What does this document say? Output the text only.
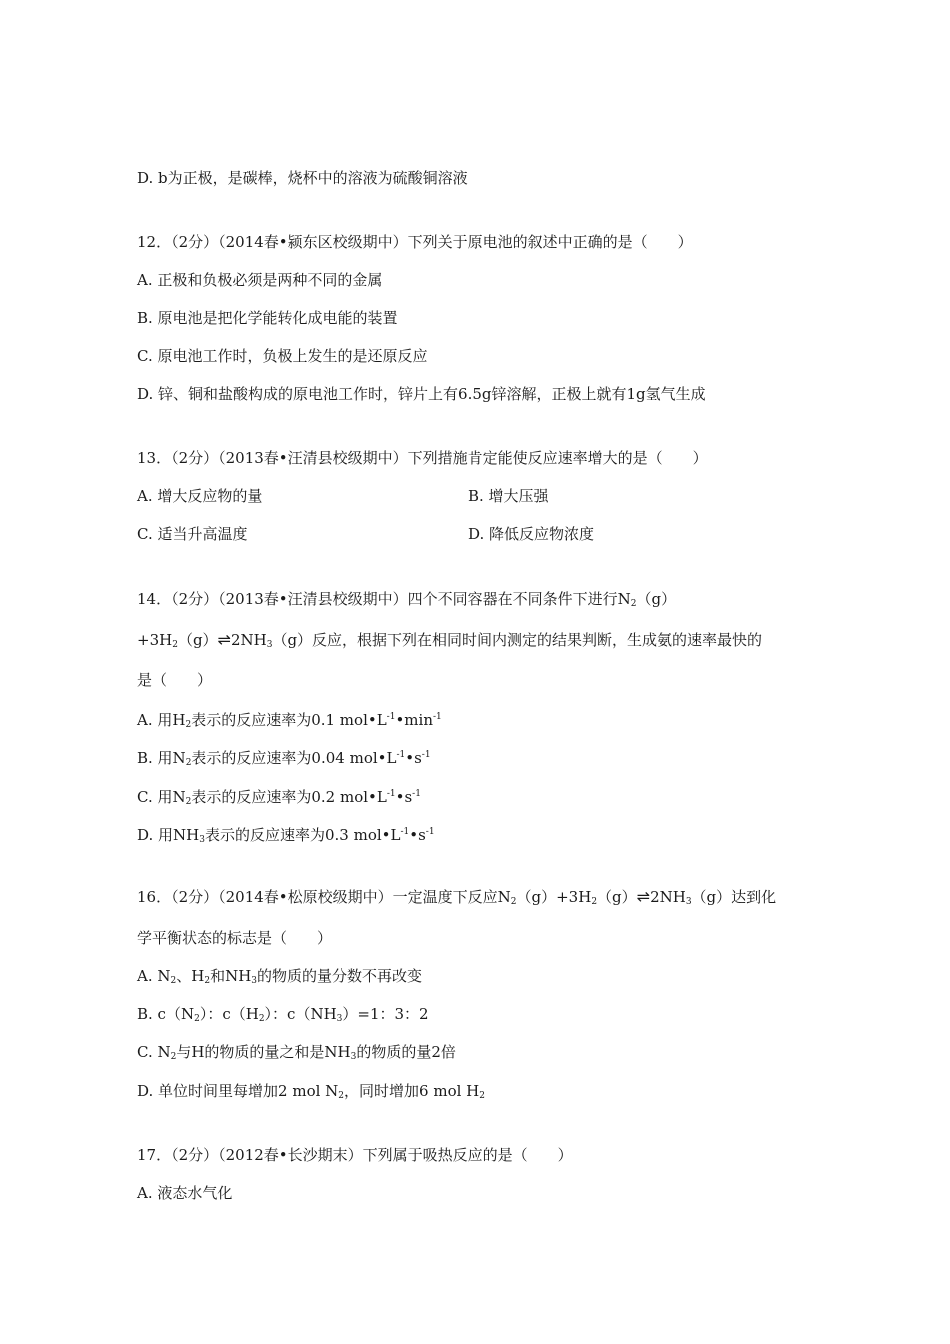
D. b为正极，是碳棒，烧杯中的溶液为硫酸铜溶液
12．（2分）（2014春•颍东区校级期中）下列关于原电池的叙述中正确的是（　　）
A. 正极和负极必须是两种不同的金属
B. 原电池是把化学能转化成电能的装置
C. 原电池工作时，负极上发生的是还原反应
D. 锌、铜和盐酸构成的原电池工作时，锌片上有6.5g锌溶解，正极上就有1g氢气生成
13．（2分）（2013春•汪清县校级期中）下列措施肯定能使反应速率增大的是（　　）
A. 增大反应物的量	B. 增大压强
C. 适当升高温度	D. 降低反应物浓度
14．（2分）（2013春•汪清县校级期中）四个不同容器在不同条件下进行$N_2(g)$
$+3H_2(g)\rightleftharpoons 2NH_3(g)$反应，根据下列在相同时间内测定的结果判断，生成氨的速率最快的
是（　　）
A. 用$H_2$表示的反应速率为0.1 $mol•L^{-1}•\min^{-1}$
B. 用$N_2$表示的反应速率为0.04 $mol•L^{-1}•s^{-1}$
C. 用$N_2$表示的反应速率为0.2 $mol•L^{-1}•s^{-1}$
D. 用$NH_3$表示的反应速率为0.3 $mol•L^{-1}•s^{-1}$
16．（2分）（2014春•松原校级期中）一定温度下反应$N_2(g)+3H_2(g)\rightleftharpoons 2NH_3(g)$达到化
学平衡状态的标志是（　　）
A. $N_2$、$H_2$和$NH_3$的物质的量分数不再改变
B. $c(N_2)$：$c(H_2)$：$c(NH_3)=1$：3：2
C. $N_2$与H的物质的量之和是$NH_3$的物质的量2倍
D. 单位时间里每增加2 mol $N_2$，同时增加6 mol $H_2$
17．（2分）（2012春•长沙期末）下列属于吸热反应的是（　　）
A. 液态水气化
